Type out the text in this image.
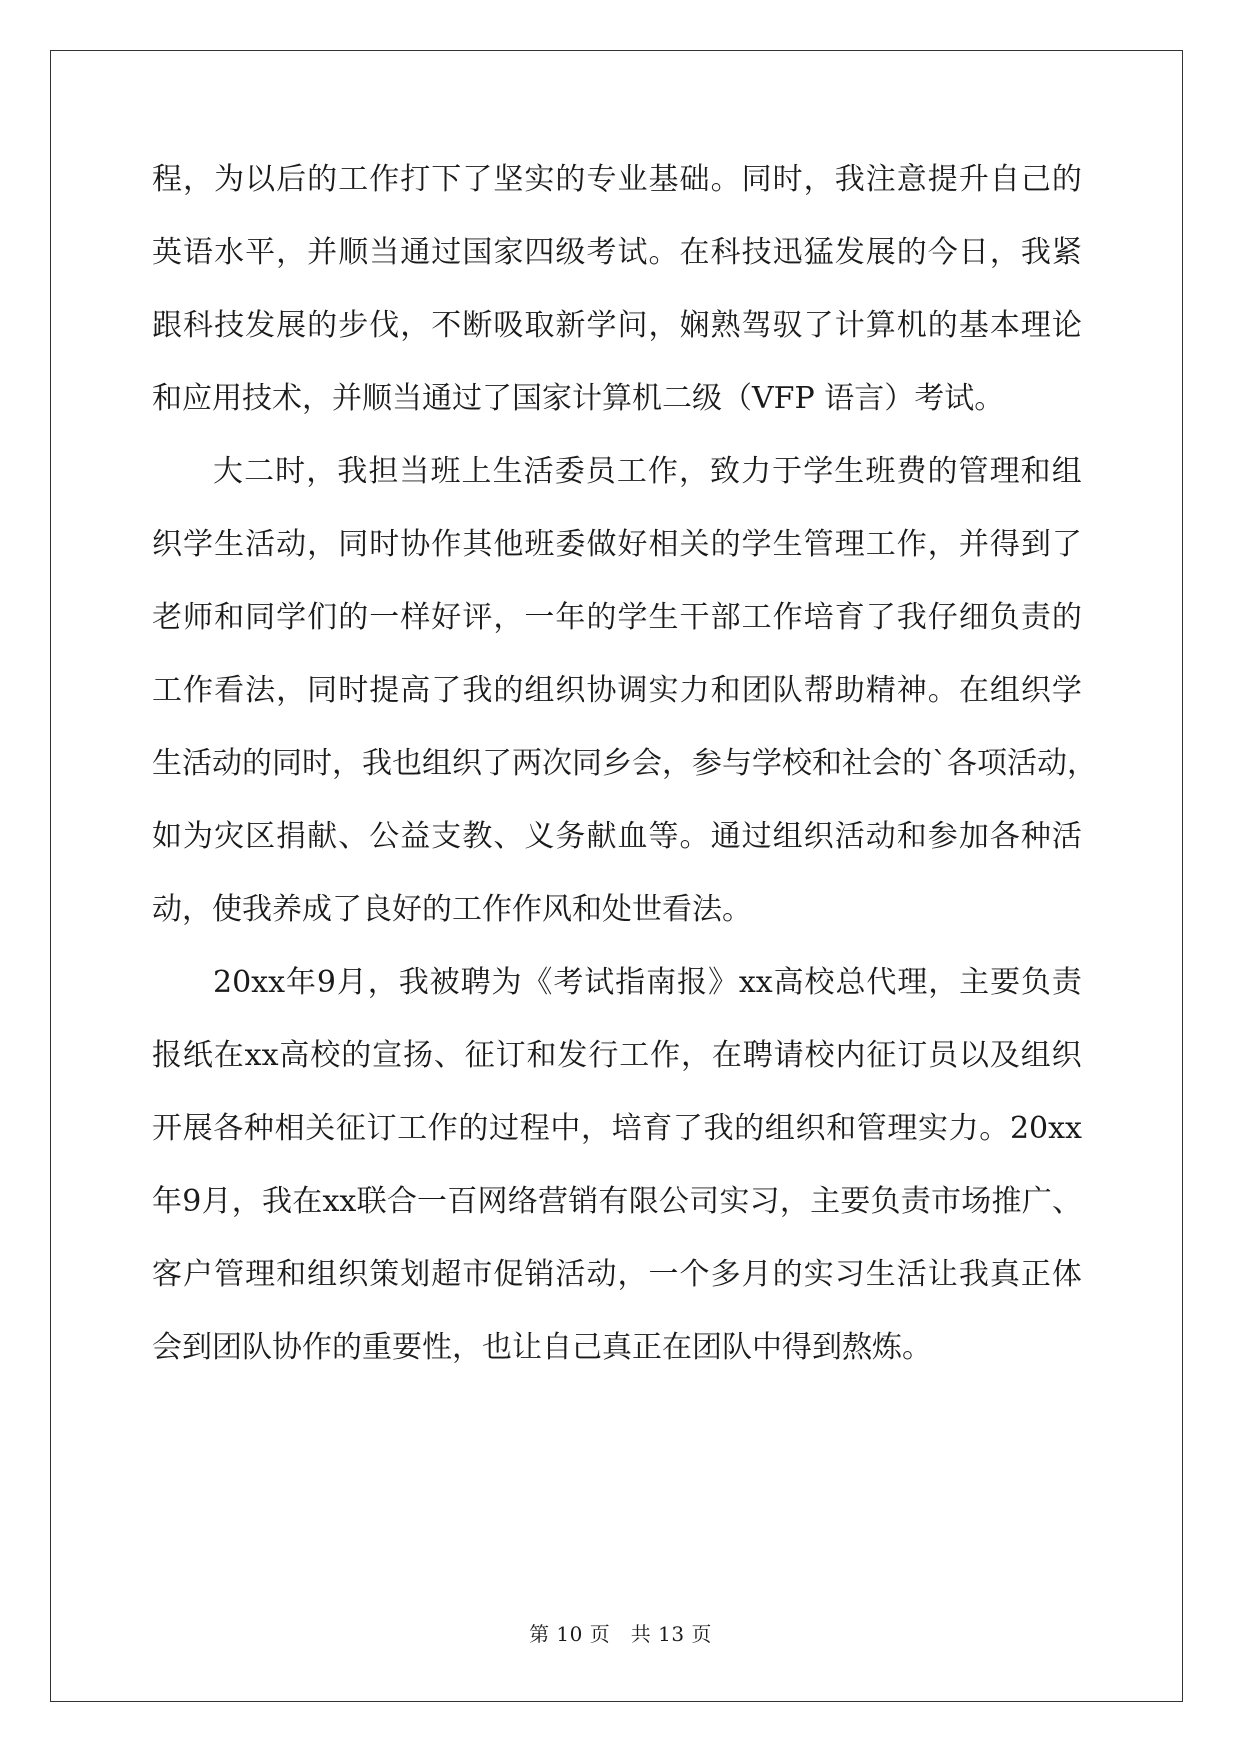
程 ， 为 以 后 的 工 作 打 下 了 坚 实 的 专 业 基 础 。 同 时 ， 我 注 意 提 升 自 己 的
英 语 水 平 ， 并 顺 当 通 过 国 家 四 级 考 试 。 在 科 技 迅 猛 发 展 的 今 日 ， 我 紧
跟 科 技 发 展 的 步 伐 ， 不 断 吸 取 新 学 问 ， 娴 熟 驾 驭 了 计 算 机 的 基 本 理 论
和应用技术，并顺当通过了国家计算机二级（VFP 语言）考试。
大 二 时 ， 我 担 当 班 上 生 活 委 员 工 作 ， 致 力 于 学 生 班 费 的 管 理 和 组
织 学 生 活 动 ， 同 时 协 作 其 他 班 委 做 好 相 关 的 学 生 管 理 工 作 ， 并 得 到 了
老 师 和 同 学 们 的 一 样 好 评 ， 一 年 的 学 生 干 部 工 作 培 育 了 我 仔 细 负 责 的
工 作 看 法 ， 同 时 提 高 了 我 的 组 织 协 调 实 力 和 团 队 帮 助 精 神 。 在 组 织 学
生 活 动 的 同 时 ， 我 也 组 织 了 两 次 同 乡 会 ， 参 与 学 校 和 社 会 的 ` 各 项 活 动 ，
如 为 灾 区 捐 献 、 公 益 支 教 、 义 务 献 血 等 。 通 过 组 织 活 动 和 参 加 各 种 活
动，使我养成了良好的工作作风和处世看法。
20xx 年 9 月 ， 我 被 聘 为 《 考 试 指 南 报 》 xx 高 校 总 代 理 ， 主 要 负 责
报 纸 在 xx 高 校 的 宣 扬 、 征 订 和 发 行 工 作 ， 在 聘 请 校 内 征 订 员 以 及 组 织
开 展 各 种 相 关 征 订 工 作 的 过 程 中 ， 培 育 了 我 的 组 织 和 管 理 实 力 。 20xx
年 9 月 ， 我 在 xx 联 合 一 百 网 络 营 销 有 限 公 司 实 习 ， 主 要 负 责 市 场 推 广 、
客 户 管 理 和 组 织 策 划 超 市 促 销 活 动 ， 一 个 多 月 的 实 习 生 活 让 我 真 正 体
会到团队协作的重要性，也让自己真正在团队中得到熬炼。
第 10 页　共 13 页
